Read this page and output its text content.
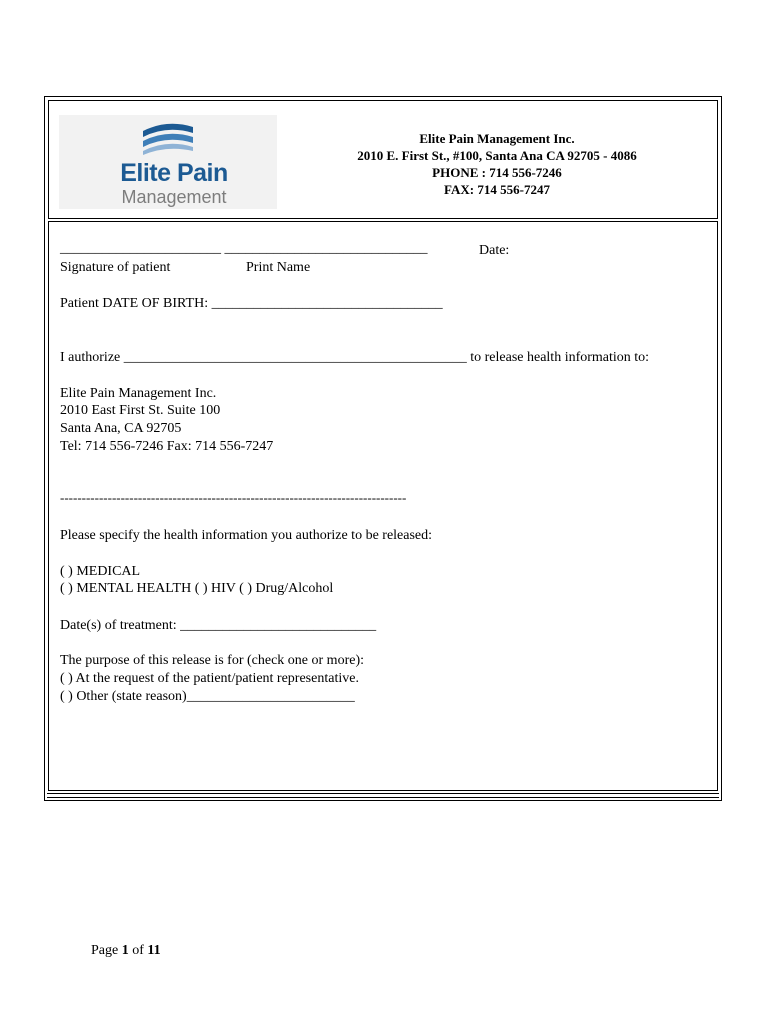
Elite Pain
Management
Elite Pain Management Inc.
2010 E. First St., #100, Santa Ana CA 92705 - 4086
PHONE : 714 556-7246
FAX: 714 556-7247
_______________________ _____________________________	Date:
Signature of patient	Print Name
Patient DATE OF BIRTH: _________________________________
I authorize _________________________________________________ to release health information to:
Elite Pain Management Inc.
2010 East First St. Suite 100
Santa Ana, CA 92705
Tel: 714 556-7246 Fax: 714 556-7247
--------------------------------------------------------------------------------
Please specify the health information you authorize to be released:
( ) MEDICAL
( ) MENTAL HEALTH ( ) HIV ( ) Drug/Alcohol
Date(s) of treatment: ____________________________
The purpose of this release is for (check one or more):
( ) At the request of the patient/patient representative.
( ) Other (state reason)________________________
Page 1 of 11
